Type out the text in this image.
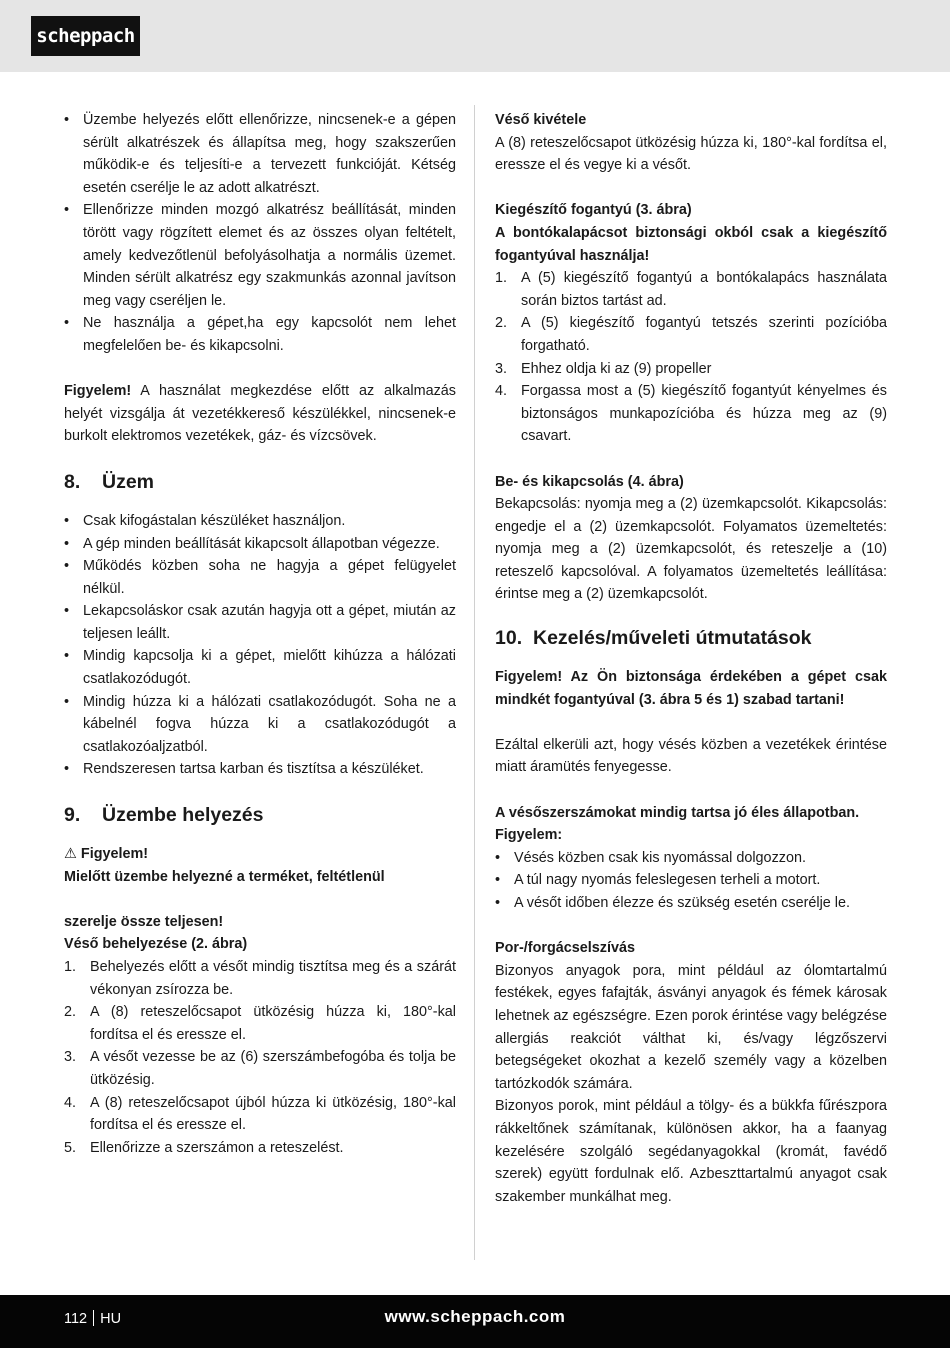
scheppach
• Üzembe helyezés előtt ellenőrizze, nincsenek-e a gépen sérült alkatrészek és állapítsa meg, hogy szakszerűen működik-e és teljesíti-e a tervezett funkcióját. Kétség esetén cserélje le az adott alkatrészt.
• Ellenőrizze minden mozgó alkatrész beállítását, minden törött vagy rögzített elemet és az összes olyan feltételt, amely kedvezőtlenül befolyásolhatja a normális üzemet. Minden sérült alkatrész egy szakmunkás azonnal javítson meg vagy cseréljen le.
• Ne használja a gépet,ha egy kapcsolót nem lehet megfelelően be- és kikapcsolni.

Figyelem! A használat megkezdése előtt az alkalmazás helyét vizsgálja át vezetékkereső készülékkel, nincsenek-e burkolt elektromos vezetékek, gáz- és vízcsövek.

8. Üzem
• Csak kifogástalan készüléket használjon.
• A gép minden beállítását kikapcsolt állapotban végezze.
• Működés közben soha ne hagyja a gépet felügyelet nélkül.
• Lekapcsoláskor csak azután hagyja ott a gépet, miután az teljesen leállt.
• Mindig kapcsolja ki a gépet, mielőtt kihúzza a hálózati csatlakozódugót.
• Mindig húzza ki a hálózati csatlakozódugót. Soha ne a kábelnél fogva húzza ki a csatlakozódugót a csatlakozóaljzatból.
• Rendszeresen tartsa karban és tisztítsa a készüléket.
9. Üzembe helyezés

⚠ Figyelem!

Mielőtt üzembe helyezné a terméket, feltétlenül

szerelje össze teljesen!

Véső behelyezése (2. ábra)

1. Behelyezés előtt a vésőt mindig tisztítsa meg és a szárát vékonyan zsírozza be.
2. A (8) reteszelőcsapot ütközésig húzza ki, 180°-kal fordítsa el és eressze el.
3. A vésőt vezesse be az (6) szerszámbefogóba és tolja be ütközésig.
4. A (8) reteszelőcsapot újból húzza ki ütközésig, 180°-kal fordítsa el és eressze el.
5. Ellenőrizze a szerszámon a reteszelést.

Véső kivétele

A (8) reteszelőcsapot ütközésig húzza ki, 180°-kal fordítsa el, eressze el és vegye ki a vésőt.

Kiegészítő fogantyú (3. ábra)

A bontókalapácsot biztonsági okból csak a kiegészítő fogantyúval használja!

1. A (5) kiegészítő fogantyú a bontókalapács használata során biztos tartást ad.
2. A (5) kiegészítő fogantyú tetszés szerinti pozícióba forgatható.
3. Ehhez oldja ki az (9) propeller
4. Forgassa most a (5) kiegészítő fogantyút kényelmes és biztonságos munkapozícióba és húzza meg az (9) csavart.

Be- és kikapcsolás (4. ábra)

Bekapcsolás: nyomja meg a (2) üzemkapcsolót. Kikapcsolás: engedje el a (2) üzemkapcsolót. Folyamatos üzemeltetés: nyomja meg a (2) üzemkapcsolót, és reteszelje a (10) reteszelő kapcsolóval. A folyamatos üzemeltetés leállítása: érintse meg a (2) üzemkapcsolót.

10. Kezelés/műveleti útmutatások

Figyelem! Az Ön biztonsága érdekében a gépet csak mindkét fogantyúval (3. ábra 5 és 1) szabad tartani!

Ezáltal elkerüli azt, hogy vésés közben a vezetékek érintése miatt áramütés fenyegesse.

A vésőszerszámokat mindig tartsa jó éles állapotban.

Figyelem:

• Vésés közben csak kis nyomással dolgozzon.
• A túl nagy nyomás feleslegesen terheli a motort.
• A vésőt időben élezze és szükség esetén cserélje le.

Por-/forgácselszívás

Bizonyos anyagok pora, mint például az ólomtartalmú festékek, egyes fafajták, ásványi anyagok és fémek károsak lehetnek az egészségre. Ezen porok érintése vagy belégzése allergiás reakciót válthat ki, és/vagy légzőszervi betegségeket okozhat a kezelő személy vagy a közelben tartózkodók számára.

Bizonyos porok, mint például a tölgy- és a bükkfa fűrészpora rákkeltőnek számítanak, különösen akkor, ha a faanyag kezelésére szolgáló segédanyagokkal (kromát, favédő szerek) együtt fordulnak elő. Azbeszttartalmú anyagot csak szakember munkálhat meg.

112 HU	www.scheppach.com
